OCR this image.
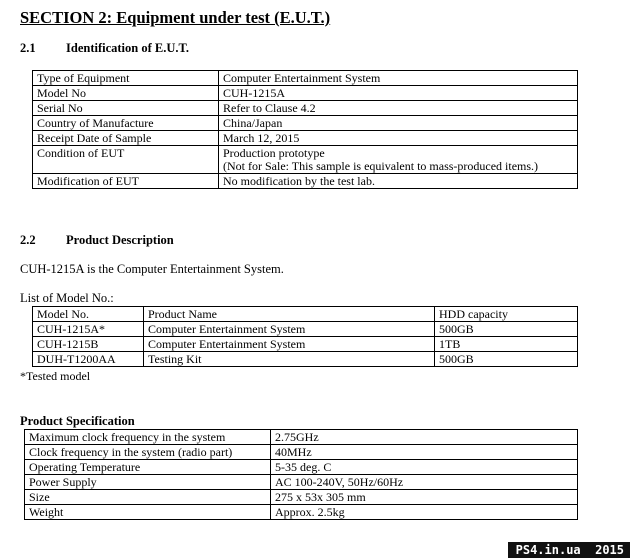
SECTION 2: Equipment under test (E.U.T.)
2.1 Identification of E.U.T.
Type of Equipment	Computer Entertainment System
Model No	CUH-1215A
Serial No	Refer to Clause 4.2
Country of Manufacture	China/Japan
Receipt Date of Sample	March 12, 2015
Condition of EUT	Production prototype
(Not for Sale: This sample is equivalent to mass-produced items.)

Modification of EUT	No modification by the test lab.
2.2 Product Description
CUH-1215A is the Computer Entertainment System.
List of Model No.:
Model No.	Product Name	HDD capacity
CUH-1215A*	Computer Entertainment System	500GB
CUH-1215B	Computer Entertainment System	1TB
DUH-T1200AA	Testing Kit	500GB
*Tested model
Product Specification
Maximum clock frequency in the system	2.75GHz
Clock frequency in the system (radio part)	40MHz
Operating Temperature	5-35 deg. C
Power Supply	AC 100-240V, 50Hz/60Hz
Size	275 x 53x 305 mm
Weight	Approx. 2.5kg
PS4.in.ua  2015
